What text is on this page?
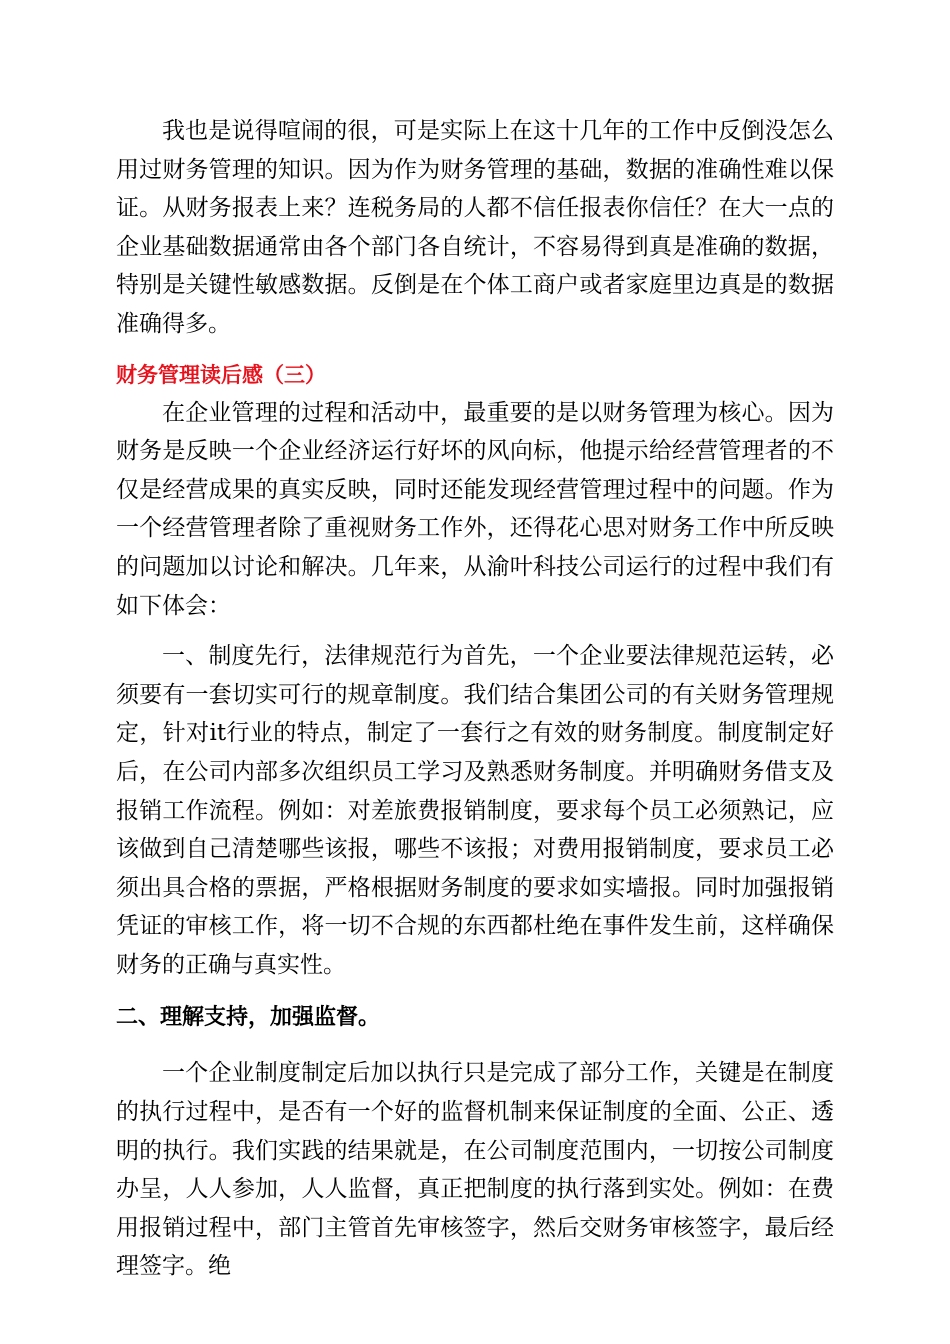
我也是说得喧闹的很，可是实际上在这十几年的工作中反倒没怎么用过财务管理的知识。因为作为财务管理的基础，数据的准确性难以保证。从财务报表上来？连税务局的人都不信任报表你信任？在大一点的企业基础数据通常由各个部门各自统计，不容易得到真是准确的数据，特别是关键性敏感数据。反倒是在个体工商户或者家庭里边真是的数据准确得多。

财务管理读后感（三）

在企业管理的过程和活动中，最重要的是以财务管理为核心。因为财务是反映一个企业经济运行好坏的风向标，他提示给经营管理者的不仅是经营成果的真实反映，同时还能发现经营管理过程中的问题。作为一个经营管理者除了重视财务工作外，还得花心思对财务工作中所反映的问题加以讨论和解决。几年来，从渝叶科技公司运行的过程中我们有如下体会：

一、制度先行，法律规范行为首先，一个企业要法律规范运转，必须要有一套切实可行的规章制度。我们结合集团公司的有关财务管理规定，针对it行业的特点，制定了一套行之有效的财务制度。制度制定好后，在公司内部多次组织员工学习及熟悉财务制度。并明确财务借支及报销工作流程。例如：对差旅费报销制度，要求每个员工必须熟记，应该做到自己清楚哪些该报，哪些不该报；对费用报销制度，要求员工必须出具合格的票据，严格根据财务制度的要求如实墙报。同时加强报销凭证的审核工作，将一切不合规的东西都杜绝在事件发生前，这样确保财务的正确与真实性。

二、理解支持，加强监督。

一个企业制度制定后加以执行只是完成了部分工作，关键是在制度的执行过程中，是否有一个好的监督机制来保证制度的全面、公正、透明的执行。我们实践的结果就是，在公司制度范围内，一切按公司制度办呈，人人参加，人人监督，真正把制度的执行落到实处。例如：在费用报销过程中，部门主管首先审核签字，然后交财务审核签字，最后经理签字。绝
